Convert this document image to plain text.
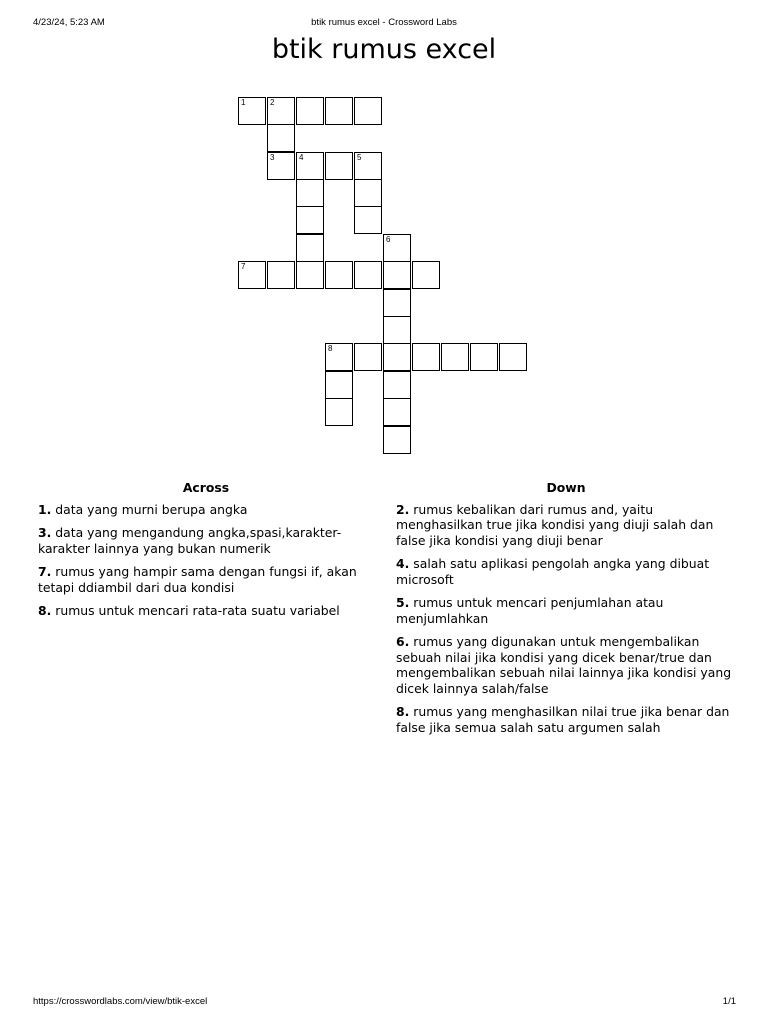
4/23/24, 5:23 AM	btik rumus excel - Crossword Labs
btik rumus excel
1	2
3	4	5
6
7
8
Across
1. data yang murni berupa angka
3. data yang mengandung angka,spasi,karakter-karakter lainnya yang bukan numerik
7. rumus yang hampir sama dengan fungsi if, akan tetapi ddiambil dari dua kondisi
8. rumus untuk mencari rata-rata suatu variabel
Down
2. rumus kebalikan dari rumus and, yaitu menghasilkan true jika kondisi yang diuji salah dan false jika kondisi yang diuji benar
4. salah satu aplikasi pengolah angka yang dibuat microsoft
5. rumus untuk mencari penjumlahan atau menjumlahkan
6. rumus yang digunakan untuk mengembalikan sebuah nilai jika kondisi yang dicek benar/true dan mengembalikan sebuah nilai lainnya jika kondisi yang dicek lainnya salah/false
8. rumus yang menghasilkan nilai true jika benar dan false jika semua salah satu argumen salah
https://crosswordlabs.com/view/btik-excel	1/1
